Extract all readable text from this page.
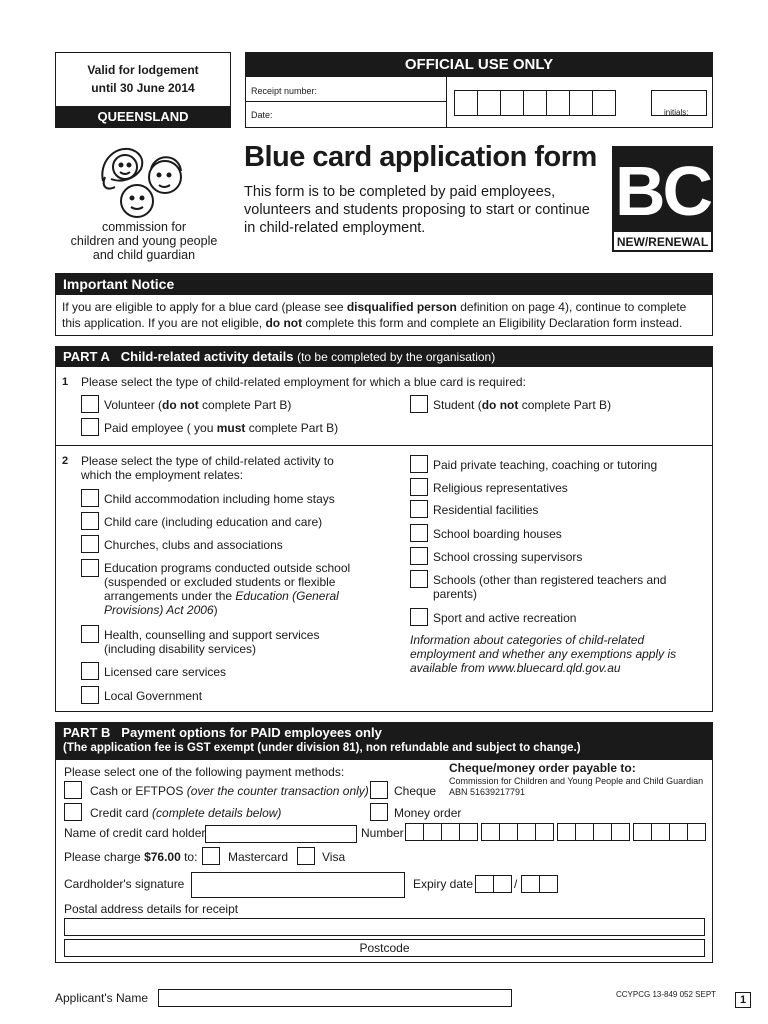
Valid for lodgement
until 30 June 2014
QUEENSLAND
OFFICIAL USE ONLY
Receipt number:
Date:	initials:
commission for
children and young people
and child guardian
Blue card application form
This form is to be completed by paid employees, volunteers and students proposing to start or continue in child-related employment.	BC
NEW/RENEWAL
Important Notice
If you are eligible to apply for a blue card (please see disqualified person definition on page 4), continue to complete this application. If you are not eligible, do not complete this form and complete an Eligibility Declaration form instead.
PART A Child-related activity details (to be completed by the organisation)
1 Please select the type of child-related employment for which a blue card is required:
Volunteer (do not complete Part B)
Paid employee ( you must complete Part B)
Student (do not complete Part B)
2 Please select the type of child-related activity to which the employment relates:
Child accommodation including home stays
Child care (including education and care)
Churches, clubs and associations
Education programs conducted outside school (suspended or excluded students or flexible arrangements under the Education (General Provisions) Act 2006)
Health, counselling and support services (including disability services)
Licensed care services
Local Government
Paid private teaching, coaching or tutoring
Religious representatives
Residential facilities
School boarding houses
School crossing supervisors
Schools (other than registered teachers and parents)
Sport and active recreation
Information about categories of child-related employment and whether any exemptions apply is available from www.bluecard.qld.gov.au
PART B Payment options for PAID employees only
(The application fee is GST exempt (under division 81), non refundable and subject to change.)
Please select one of the following payment methods:
Cash or EFTPOS (over the counter transaction only)
Credit card (complete details below)
Cheque
Money order
Cheque/money order payable to:
Commission for Children and Young People and Child Guardian
ABN 51639217791
Name of credit card holder	Number
Please charge $76.00 to:	Mastercard	Visa
Cardholder's signature	Expiry date	/
Postal address details for receipt
Postcode
Applicant's Name	CCYPCG 13-849 052 SEPT	1
